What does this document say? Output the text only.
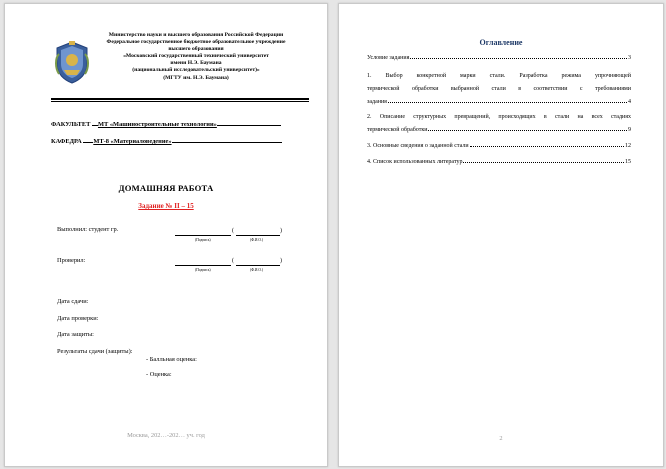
Министерство науки и высшего образования Российской Федерации
Федеральное государственное бюджетное образовательное учреждение
высшего образования
«Московский государственный технический университет
имени Н.Э. Баумана
(национальный исследовательский университет)»
(МГТУ им. Н.Э. Баумана)
ФАКУЛЬТЕТ МТ «Машиностроительные технологии»
КАФЕДРА МТ-8 «Материаловедение»
ДОМАШНЯЯ РАБОТА
Задание № II – 15
Выполнил: студент гр.	(	)
(Подпись)	(Ф.И.О.)
Проверил:	(	)
(Подпись)	(Ф.И.О.)
Дата сдачи:
Дата проверки:
Дата защиты:
Результаты сдачи (защиты):
- Балльная оценка:
- Оценка:
Москва, 202…-202… уч. год
Оглавление
Условие задания	3
1. Выбор конкретной марки стали. Разработка режима упрочняющей
термической обработки выбранной стали в соответствии с требованиями
задания	4
2. Описание структурных превращений, происходящих в стали на всех стадиях
термической обработки	9
3. Основные сведения о заданной стали	12
4. Список использованных литератур	15
2
